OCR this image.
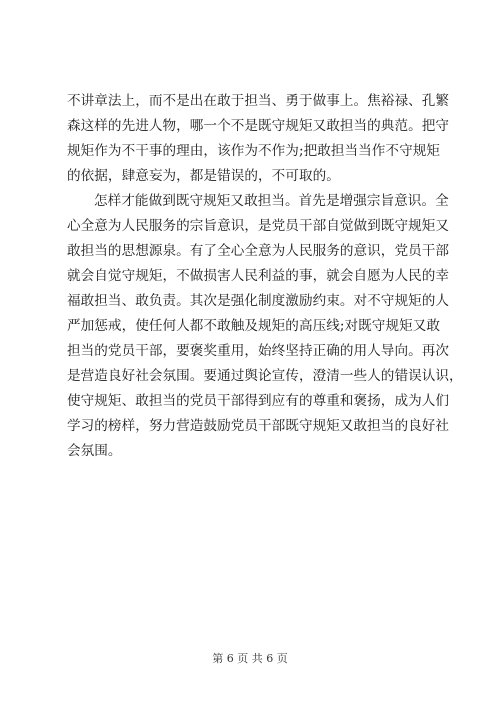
不讲章法上，而不是出在敢于担当、勇于做事上。焦裕禄、孔繁
森这样的先进人物，哪一个不是既守规矩又敢担当的典范。把守
规矩作为不干事的理由，该作为不作为;把敢担当当作不守规矩
的依据，肆意妄为，都是错误的，不可取的。
怎样才能做到既守规矩又敢担当。首先是增强宗旨意识。全
心全意为人民服务的宗旨意识，是党员干部自觉做到既守规矩又
敢担当的思想源泉。有了全心全意为人民服务的意识，党员干部
就会自觉守规矩，不做损害人民利益的事，就会自愿为人民的幸
福敢担当、敢负责。其次是强化制度激励约束。对不守规矩的人
严加惩戒，使任何人都不敢触及规矩的高压线;对既守规矩又敢
担当的党员干部，要褒奖重用，始终坚持正确的用人导向。再次
是营造良好社会氛围。要通过舆论宣传，澄清一些人的错误认识，
使守规矩、敢担当的党员干部得到应有的尊重和褒扬，成为人们
学习的榜样，努力营造鼓励党员干部既守规矩又敢担当的良好社
会氛围。
第 6 页 共 6 页
